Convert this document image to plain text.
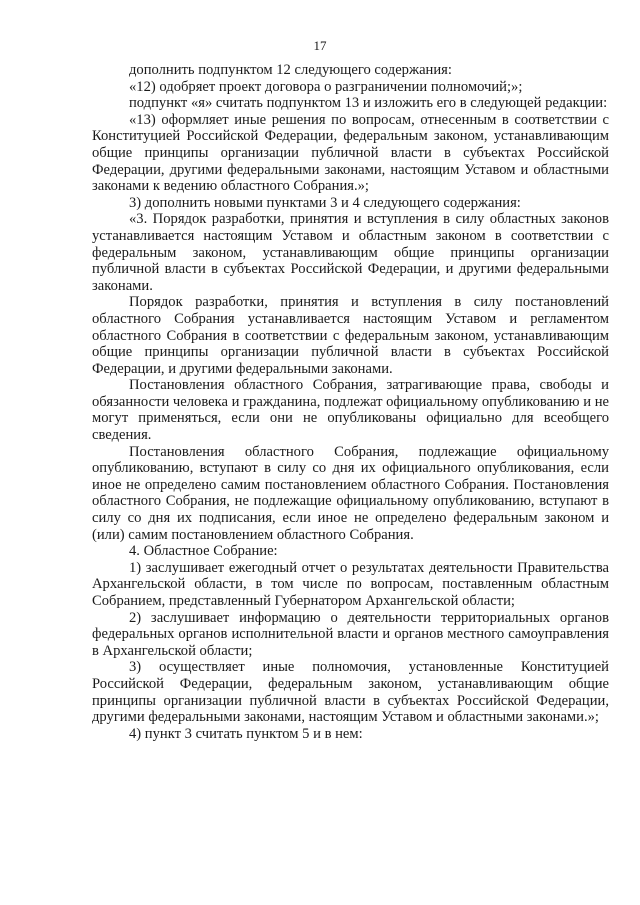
17

дополнить подпунктом 12 следующего содержания:

«12) одобряет проект договора о разграничении полномочий;»;

подпункт «я» считать подпунктом 13 и изложить его в следующей редакции:

«13) оформляет иные решения по вопросам, отнесенным в соответствии с Конституцией Российской Федерации, федеральным законом, устанавливающим общие принципы организации публичной власти в субъектах Российской Федерации, другими федеральными законами, настоящим Уставом и областными законами к ведению областного Собрания.»;

3) дополнить новыми пунктами 3 и 4 следующего содержания:

«3. Порядок разработки, принятия и вступления в силу областных законов устанавливается настоящим Уставом и областным законом в соответствии с федеральным законом, устанавливающим общие принципы организации публичной власти в субъектах Российской Федерации, и другими федеральными законами.

Порядок разработки, принятия и вступления в силу постановлений областного Собрания устанавливается настоящим Уставом и регламентом областного Собрания в соответствии с федеральным законом, устанавливающим общие принципы организации публичной власти в субъектах Российской Федерации, и другими федеральными законами.

Постановления областного Собрания, затрагивающие права, свободы и обязанности человека и гражданина, подлежат официальному опубликованию и не могут применяться, если они не опубликованы официально для всеобщего сведения.

Постановления областного Собрания, подлежащие официальному опубликованию, вступают в силу со дня их официального опубликования, если иное не определено самим постановлением областного Собрания. Постановления областного Собрания, не подлежащие официальному опубликованию, вступают в силу со дня их подписания, если иное не определено федеральным законом и (или) самим постановлением областного Собрания.

4. Областное Собрание:

1) заслушивает ежегодный отчет о результатах деятельности Правительства Архангельской области, в том числе по вопросам, поставленным областным Собранием, представленный Губернатором Архангельской области;

2) заслушивает информацию о деятельности территориальных органов федеральных органов исполнительной власти и органов местного самоуправления в Архангельской области;

3) осуществляет иные полномочия, установленные Конституцией Российской Федерации, федеральным законом, устанавливающим общие принципы организации публичной власти в субъектах Российской Федерации, другими федеральными законами, настоящим Уставом и областными законами.»;

4) пункт 3 считать пунктом 5 и в нем:
